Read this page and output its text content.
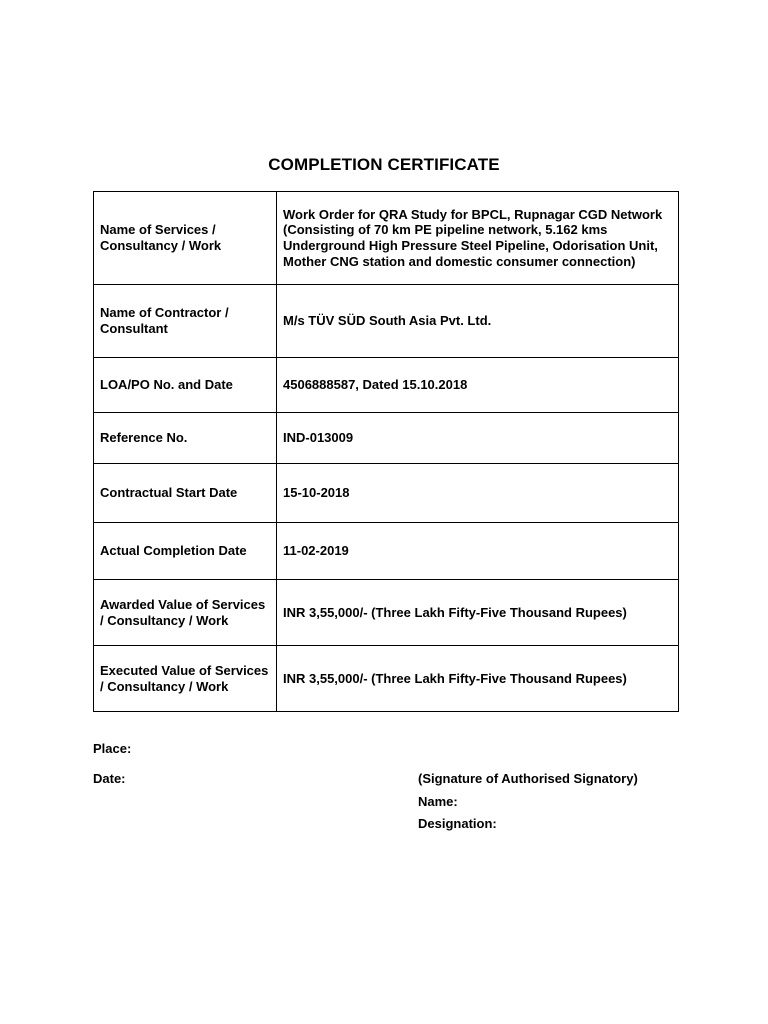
COMPLETION CERTIFICATE
Name of Services / Consultancy / Work	Work Order for QRA Study for BPCL, Rupnagar CGD Network (Consisting of 70 km PE pipeline network, 5.162 kms Underground High Pressure Steel Pipeline, Odorisation Unit, Mother CNG station and domestic consumer connection)
Name of Contractor / Consultant	M/s TÜV SÜD South Asia Pvt. Ltd.
LOA/PO No. and Date	4506888587, Dated 15.10.2018
Reference No.	IND-013009
Contractual Start Date	15-10-2018
Actual Completion Date	11-02-2019
Awarded Value of Services / Consultancy / Work	INR 3,55,000/- (Three Lakh Fifty-Five Thousand Rupees)
Executed Value of Services / Consultancy / Work	INR 3,55,000/- (Three Lakh Fifty-Five Thousand Rupees)
Place:
Date:	(Signature of Authorised Signatory)
Name:
Designation:
